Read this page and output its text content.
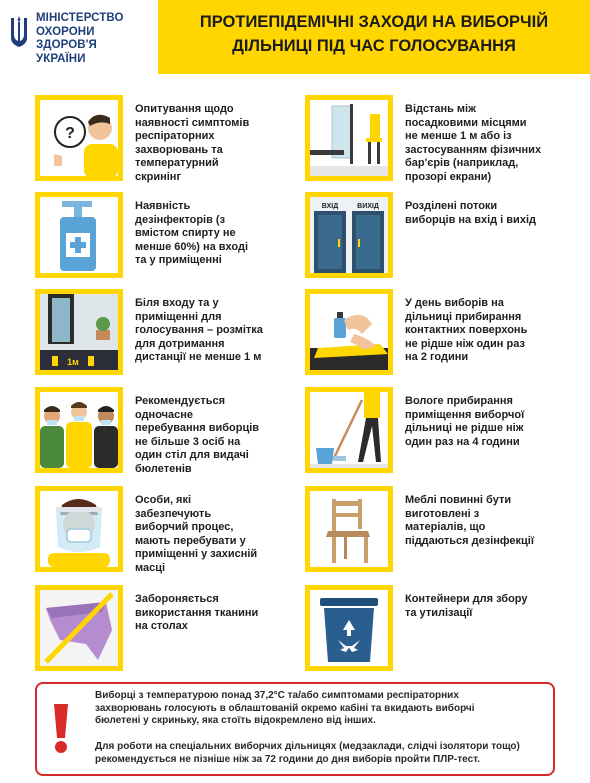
МІНІСТЕРСТВО
ОХОРОНИ
ЗДОРОВ'Я
УКРАЇНИ
ПРОТИЕПІДЕМІЧНІ ЗАХОДИ НА ВИБОРЧІЙ
ДІЛЬНИЦІ ПІД ЧАС ГОЛОСУВАННЯ
?
Опитування щодо
наявності симптомів
респіраторних
захворювань та
температурний
скринінг
Наявність
дезінфекторів (з
вмістом спирту не
менше 60%) на вході
та у приміщенні
1м
Біля входу та у
приміщенні для
голосування – розмітка
для дотримання
дистанції не менше 1 м
Рекомендується
одночасне
перебування виборців
не більше 3 осіб на
один стіл для видачі
бюлетенів
Особи, які
забезпечують
виборчий процес,
мають перебувати у
приміщенні у захисній
масці
Забороняється
використання тканини
на столах
Відстань між
посадковими місцями
не менше 1 м або із
застосуванням фізичних
бар'єрів (наприклад,
прозорі екрани)
ВХІД	ВИХІД Розділені потоки
виборців на вхід і вихід
У день виборів на
дільниці прибирання
контактних поверхонь
не рідше ніж один раз
на 2 години
Вологе прибирання
приміщення виборчої
дільниці не рідше ніж
один раз на 4 години
Меблі повинні бути
виготовлені з
матеріалів, що
піддаються дезінфекції
Контейнери для збору
та утилізації
Виборці з температурою понад 37,2°C та/або симптомами респіраторних
захворювань голосують в облаштованій окремо кабіні та вкидають виборчі
бюлетені у скриньку, яка стоїть відокремлено від інших.
Для роботи на спеціальних виборчих дільницях (медзаклади, слідчі ізолятори тощо)
рекомендується не пізніше ніж за 72 години до дня виборів пройти ПЛР-тест.
